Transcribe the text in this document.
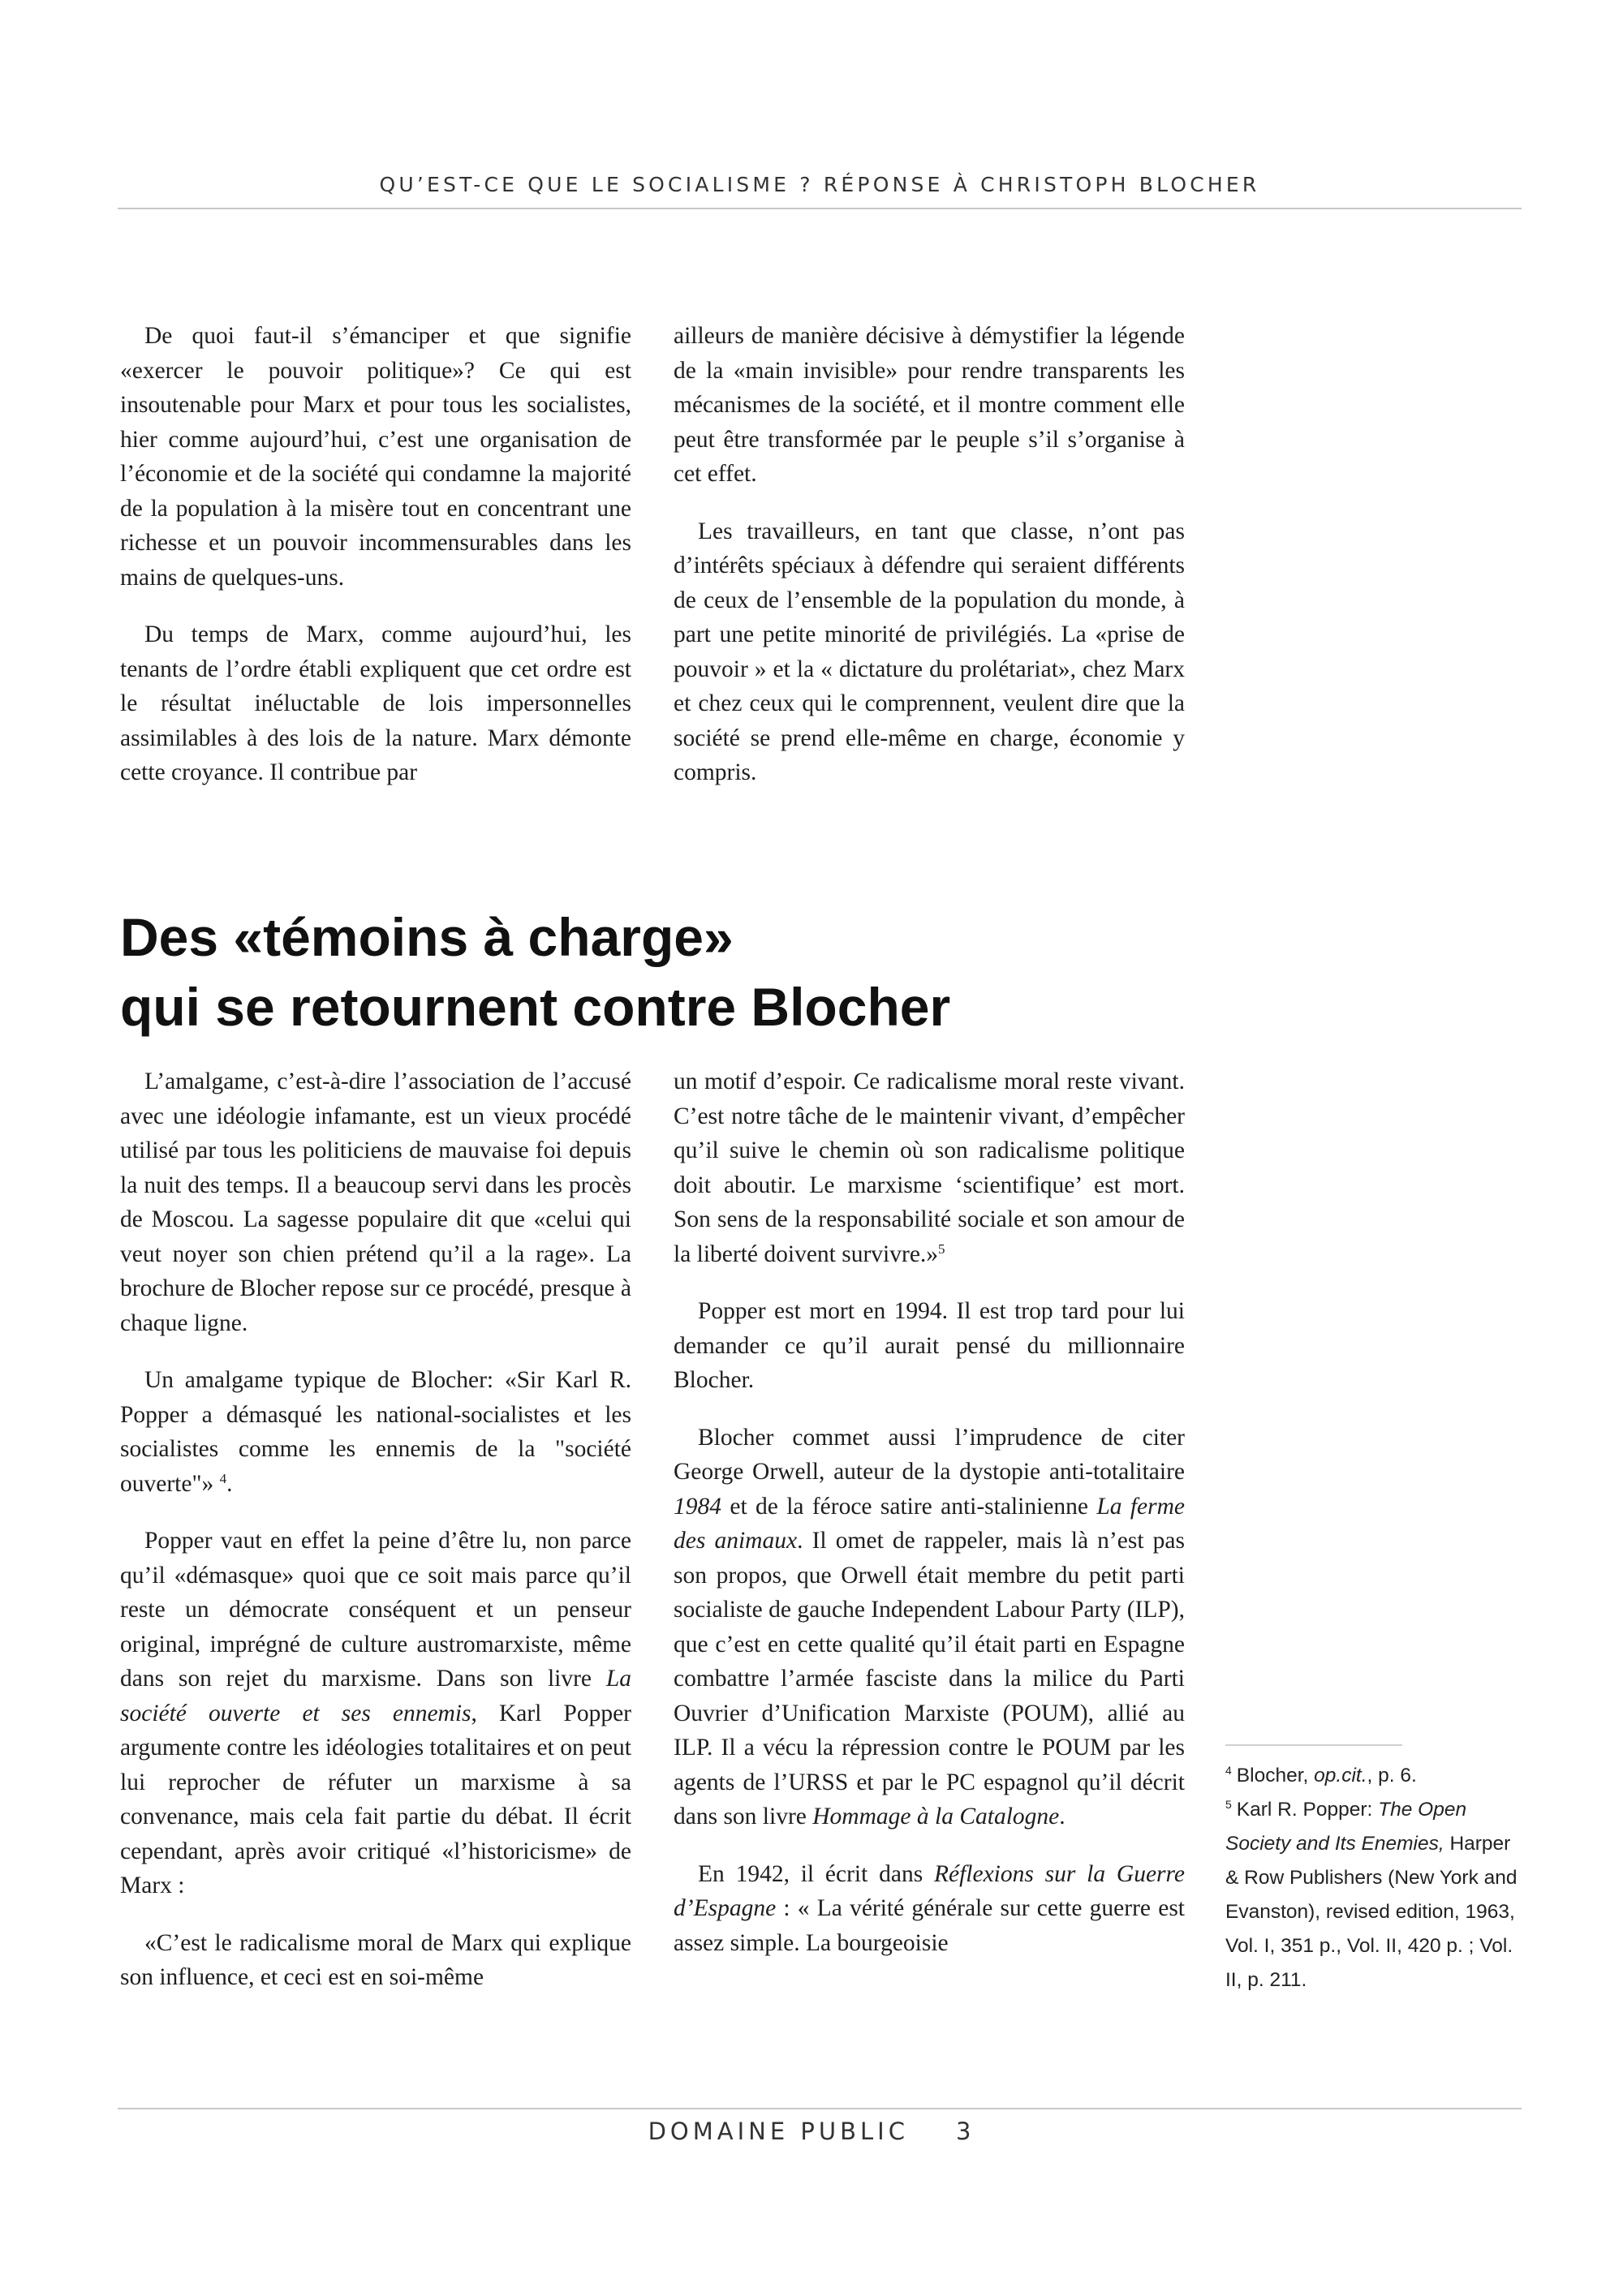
QU’EST-CE QUE LE SOCIALISME ? RÉPONSE À CHRISTOPH BLOCHER

De quoi faut-il s’émanciper et que signifie «exercer le pouvoir politique»? Ce qui est insoutenable pour Marx et pour tous les socialistes, hier comme aujourd’hui, c’est une organisation de l’économie et de la société qui condamne la majorité de la population à la misère tout en concentrant une richesse et un pouvoir incommensurables dans les mains de quelques-uns.

Du temps de Marx, comme aujourd’hui, les tenants de l’ordre établi expliquent que cet ordre est le résultat inéluctable de lois impersonnelles assimilables à des lois de la nature. Marx démonte cette croyance. Il contribue par

ailleurs de manière décisive à démystifier la légende de la «main invisible» pour rendre transparents les mécanismes de la société, et il montre comment elle peut être transformée par le peuple s’il s’organise à cet effet.

Les travailleurs, en tant que classe, n’ont pas d’intérêts spéciaux à défendre qui seraient différents de ceux de l’ensemble de la population du monde, à part une petite minorité de privilégiés. La «prise de pouvoir » et la « dictature du prolétariat», chez Marx et chez ceux qui le comprennent, veulent dire que la société se prend elle-même en charge, économie y compris.

Des «témoins à charge»
qui se retournent contre Blocher

L’amalgame, c’est-à-dire l’association de l’accusé avec une idéologie infamante, est un vieux procédé utilisé par tous les politiciens de mauvaise foi depuis la nuit des temps. Il a beaucoup servi dans les procès de Moscou. La sagesse populaire dit que «celui qui veut noyer son chien prétend qu’il a la rage». La brochure de Blocher repose sur ce procédé, presque à chaque ligne.

Un amalgame typique de Blocher: «Sir Karl R. Popper a démasqué les national-socialistes et les socialistes comme les ennemis de la "société ouverte"» $^4$.

Popper vaut en effet la peine d’être lu, non parce qu’il «démasque» quoi que ce soit mais parce qu’il reste un démocrate conséquent et un penseur original, imprégné de culture austromarxiste, même dans son rejet du marxisme. Dans son livre La société ouverte et ses ennemis, Karl Popper argumente contre les idéologies totalitaires et on peut lui reprocher de réfuter un marxisme à sa convenance, mais cela fait partie du débat. Il écrit cependant, après avoir critiqué «l’historicisme» de Marx :

«C’est le radicalisme moral de Marx qui explique son influence, et ceci est en soi-même

un motif d’espoir. Ce radicalisme moral reste vivant. C’est notre tâche de le maintenir vivant, d’empêcher qu’il suive le chemin où son radicalisme politique doit aboutir. Le marxisme ‘scientifique’ est mort. Son sens de la responsabilité sociale et son amour de la liberté doivent survivre.»$^5$

Popper est mort en 1994. Il est trop tard pour lui demander ce qu’il aurait pensé du millionnaire Blocher.

Blocher commet aussi l’imprudence de citer George Orwell, auteur de la dystopie anti-totalitaire 1984 et de la féroce satire anti-stalinienne La ferme des animaux. Il omet de rappeler, mais là n’est pas son propos, que Orwell était membre du petit parti socialiste de gauche Independent Labour Party (ILP), que c’est en cette qualité qu’il était parti en Espagne combattre l’armée fasciste dans la milice du Parti Ouvrier d’Unification Marxiste (POUM), allié au ILP. Il a vécu la répression contre le POUM par les agents de l’URSS et par le PC espagnol qu’il décrit dans son livre Hommage à la Catalogne.

En 1942, il écrit dans Réflexions sur la Guerre d’Espagne : « La vérité générale sur cette guerre est assez simple. La bourgeoisie

$^4$ Blocher, op.cit., p. 6.

$^5$ Karl R. Popper: The Open Society and Its Enemies, Harper & Row Publishers (New York and Evanston), revised edition, 1963, Vol. I, 351 p., Vol. II, 420 p. ; Vol. II, p. 211.

DOMAINE PUBLIC 3
